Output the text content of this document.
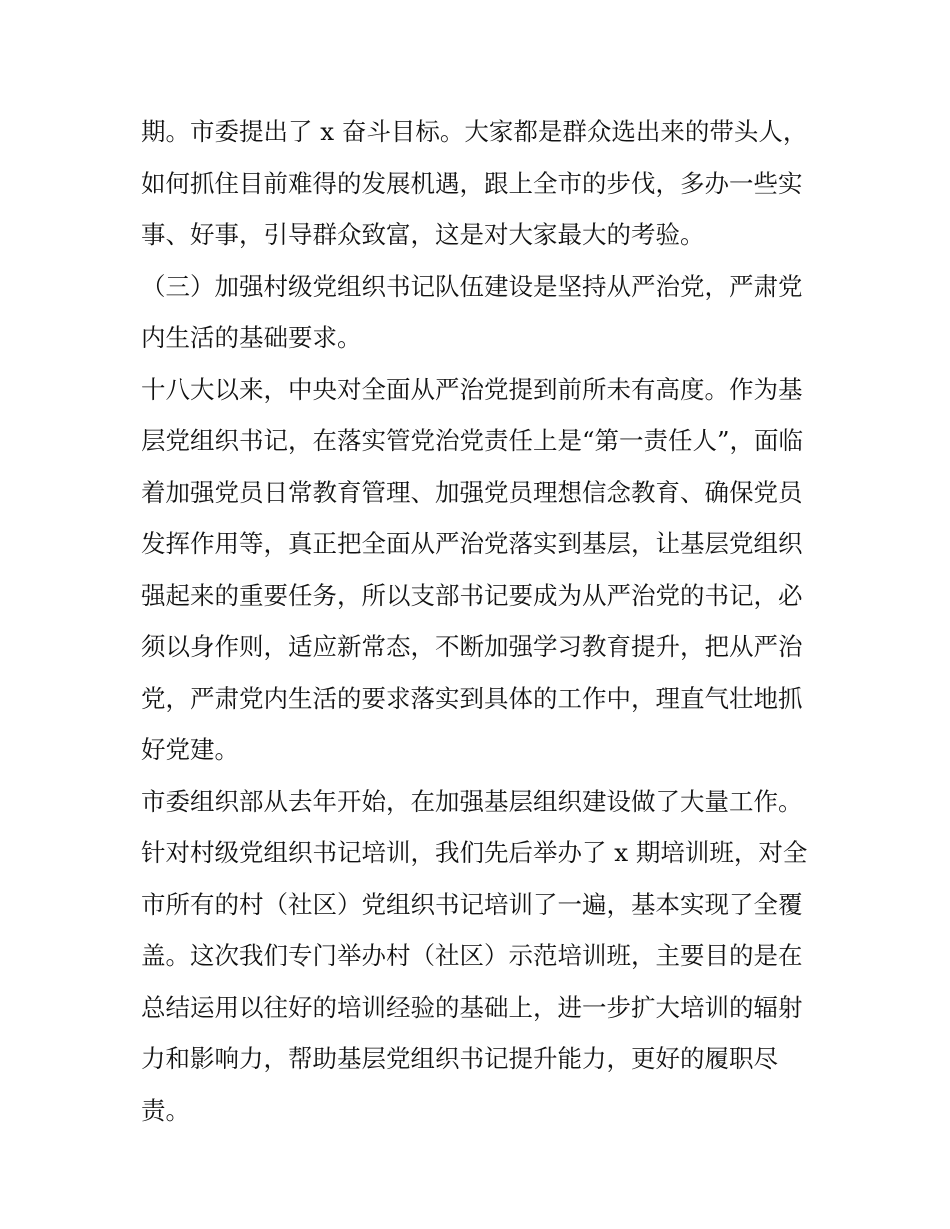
期。市委提出了 x 奋斗目标。大家都是群众选出来的带头人，
如何抓住目前难得的发展机遇，跟上全市的步伐，多办一些实
事、好事，引导群众致富，这是对大家最大的考验。

（三）加强村级党组织书记队伍建设是坚持从严治党，严肃党
内生活的基础要求。

十八大以来，中央对全面从严治党提到前所未有高度。作为基
层党组织书记，在落实管党治党责任上是“第一责任人”，面临
着加强党员日常教育管理、加强党员理想信念教育、确保党员
发挥作用等，真正把全面从严治党落实到基层，让基层党组织
强起来的重要任务，所以支部书记要成为从严治党的书记，必
须以身作则，适应新常态，不断加强学习教育提升，把从严治
党，严肃党内生活的要求落实到具体的工作中，理直气壮地抓
好党建。

市委组织部从去年开始，在加强基层组织建设做了大量工作。
针对村级党组织书记培训，我们先后举办了 x 期培训班，对全
市所有的村（社区）党组织书记培训了一遍，基本实现了全覆
盖。这次我们专门举办村（社区）示范培训班，主要目的是在
总结运用以往好的培训经验的基础上，进一步扩大培训的辐射
力和影响力，帮助基层党组织书记提升能力，更好的履职尽
责。
